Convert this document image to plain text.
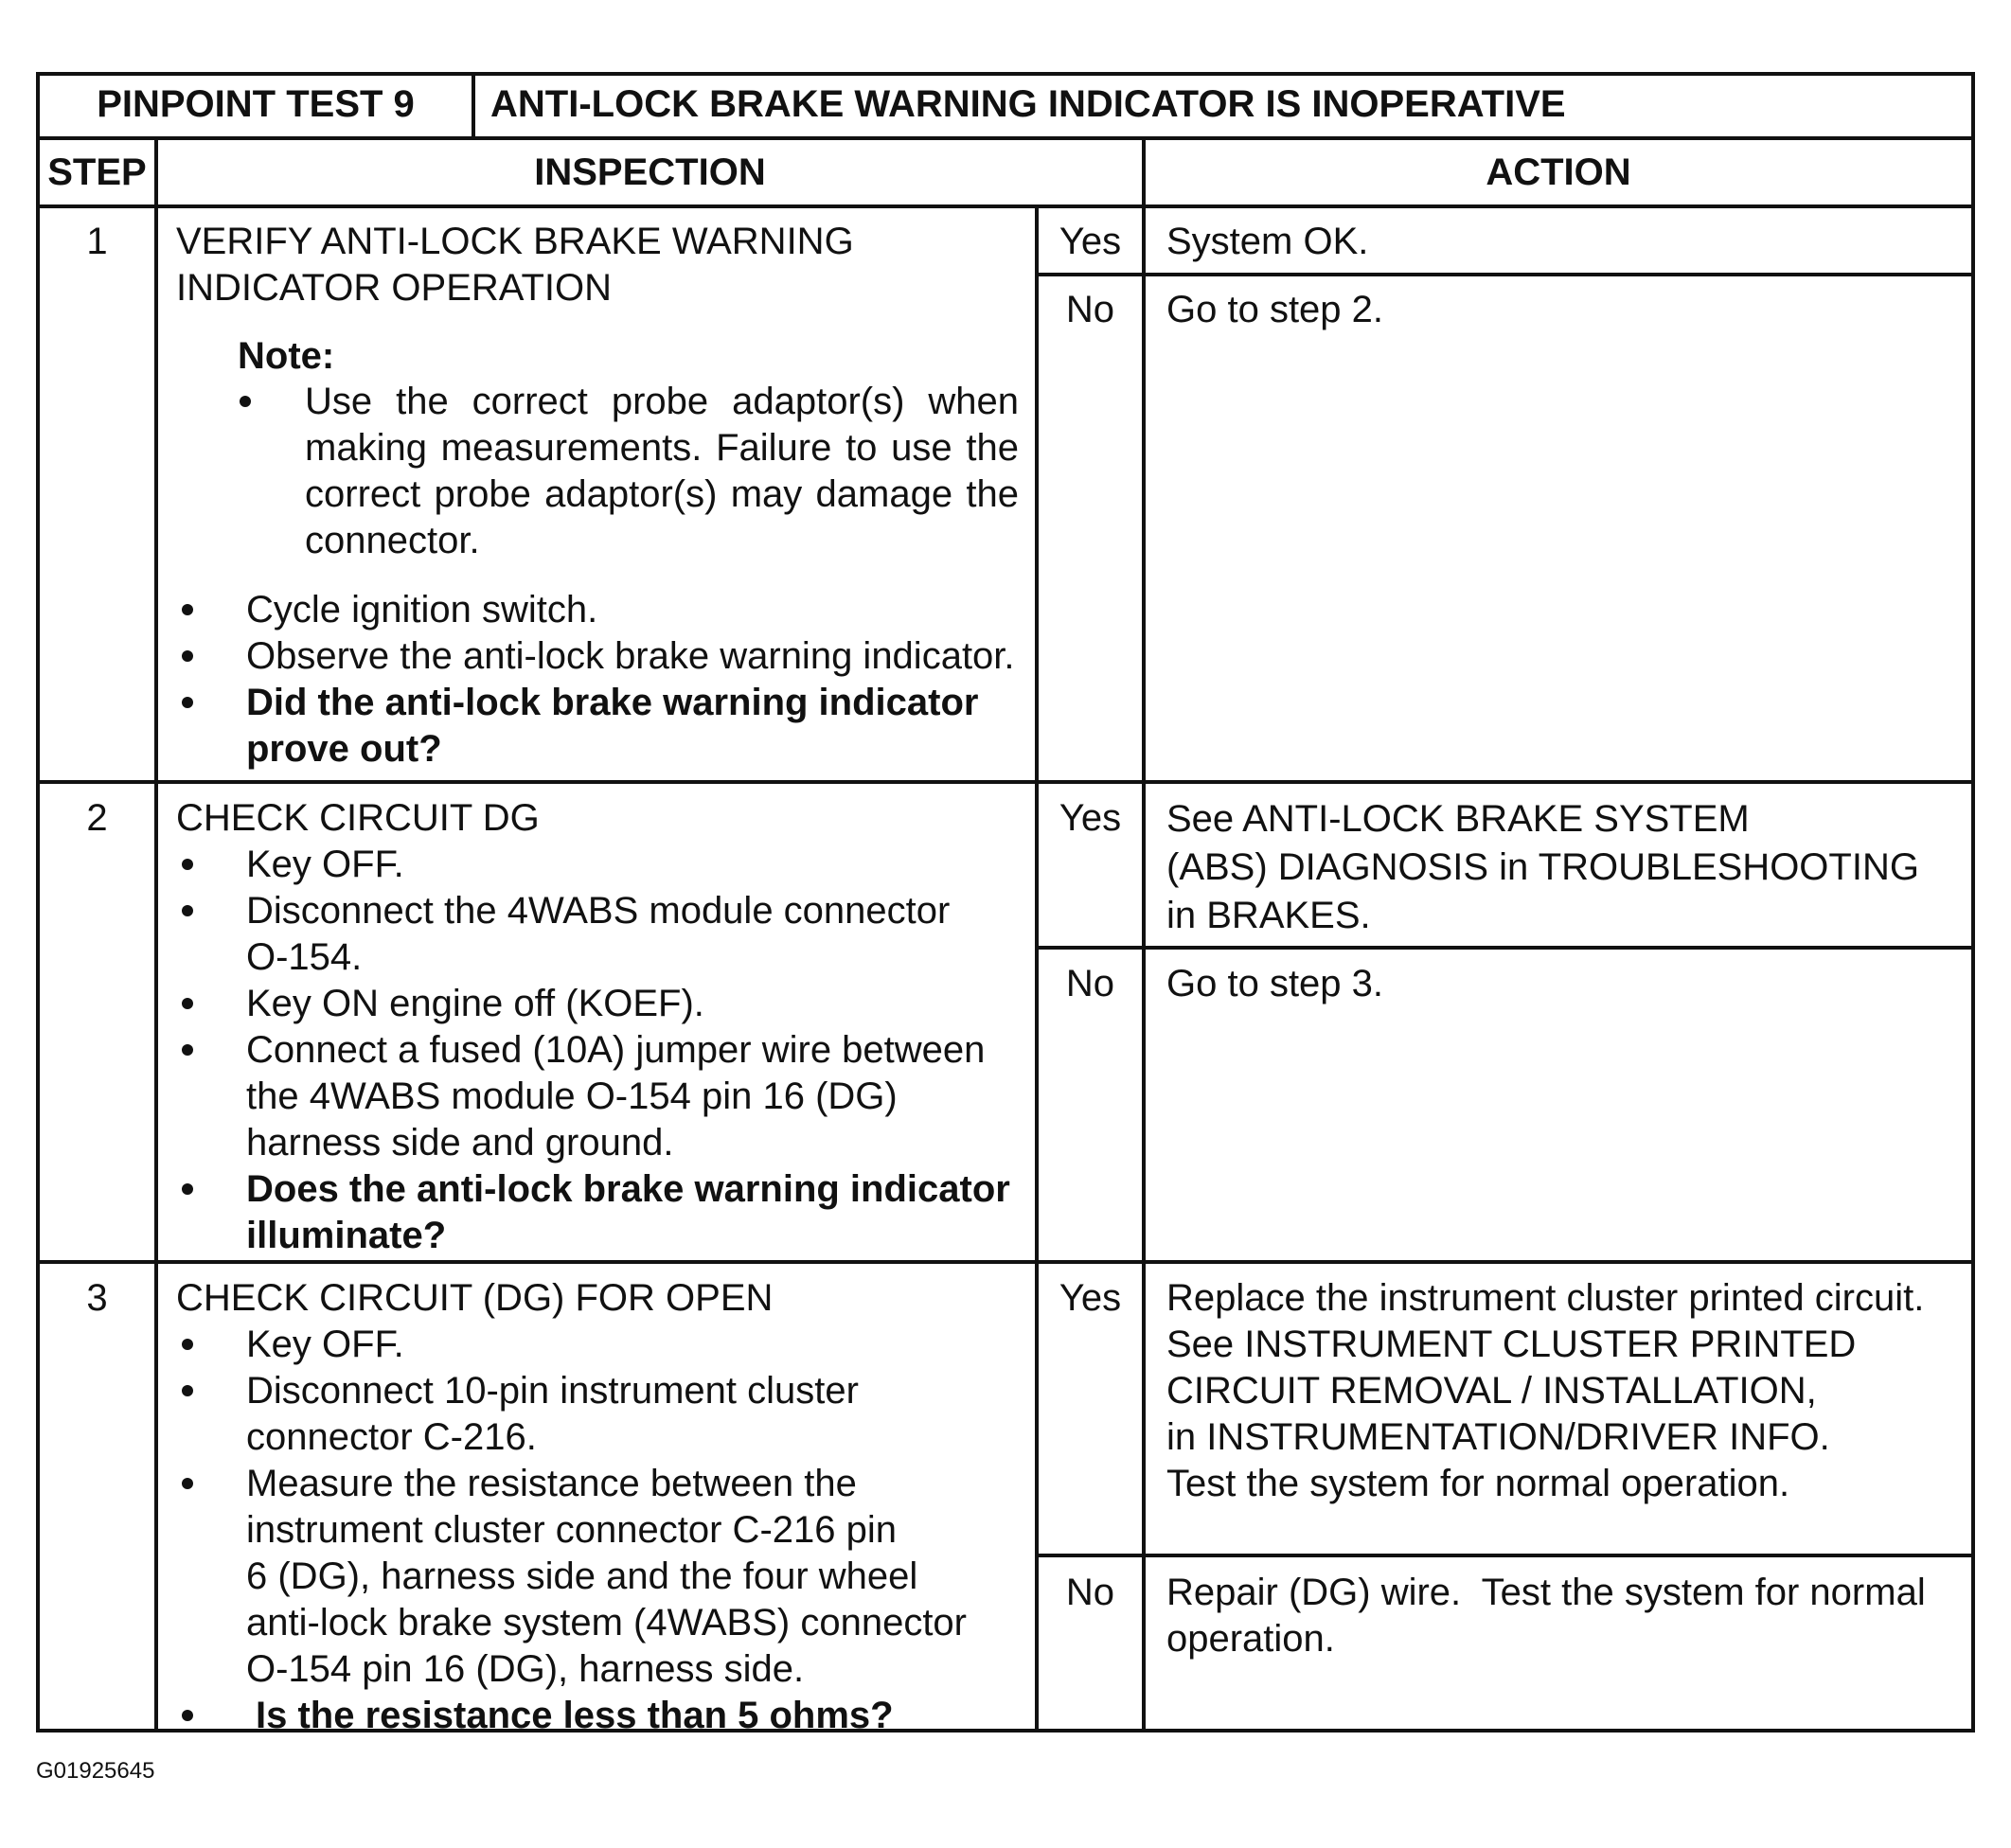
PINPOINT TEST 9	ANTI-LOCK BRAKE WARNING INDICATOR IS INOPERATIVE
STEP	INSPECTION	ACTION
1	VERIFY ANTI-LOCK BRAKE WARNING
INDICATOR OPERATION
Note:
Use the correct probe adaptor(s) when
making measurements. Failure to use the
correct probe adaptor(s) may damage the
connector.
Cycle ignition switch.
Observe the anti-lock brake warning indicator.
Did the anti-lock brake warning indicator
prove out?
Yes	System OK.
No	Go to step 2.
2	CHECK CIRCUIT DG
Key OFF.
Disconnect the 4WABS module connector
O-154.
Key ON engine off (KOEF).
Connect a fused (10A) jumper wire between
the 4WABS module O-154 pin 16 (DG)
harness side and ground.
Does the anti-lock brake warning indicator
illuminate?
Yes	See ANTI-LOCK BRAKE SYSTEM
(ABS) DIAGNOSIS in TROUBLESHOOTING
in BRAKES.
No	Go to step 3.
3	CHECK CIRCUIT (DG) FOR OPEN
Key OFF.
Disconnect 10-pin instrument cluster
connector C-216.
Measure the resistance between the
instrument cluster connector C-216 pin
6 (DG), harness side and the four wheel
anti-lock brake system (4WABS) connector
O-154 pin 16 (DG), harness side.
Is the resistance less than 5 ohms?
Yes	Replace the instrument cluster printed circuit.
See INSTRUMENT CLUSTER PRINTED
CIRCUIT REMOVAL / INSTALLATION,
in INSTRUMENTATION/DRIVER INFO.
Test the system for normal operation.
No	Repair (DG) wire.  Test the system for normal
operation.
G01925645
